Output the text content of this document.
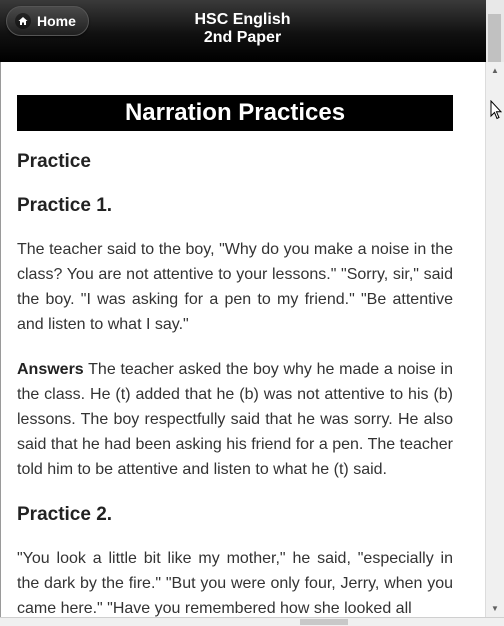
Home	HSC English
2nd Paper
Narration Practices
Practice
Practice 1.

The teacher said to the boy, "Why do you make a noise in the class? You are not attentive to your lessons." "Sorry, sir," said the boy. "I was asking for a pen to my friend." "Be attentive and listen to what I say."

Answers The teacher asked the boy why he made a noise in the class. He (t) added that he (b) was not attentive to his (b) lessons. The boy respectfully said that he was sorry. He also said that he had been asking his friend for a pen. The teacher told him to be attentive and listen to what he (t) said.

Practice 2.

"You look a little bit like my mother," he said, "especially in the dark by the fire." "But you were only four, Jerry, when you came here." "Have you remembered how she looked all

▲
▼
